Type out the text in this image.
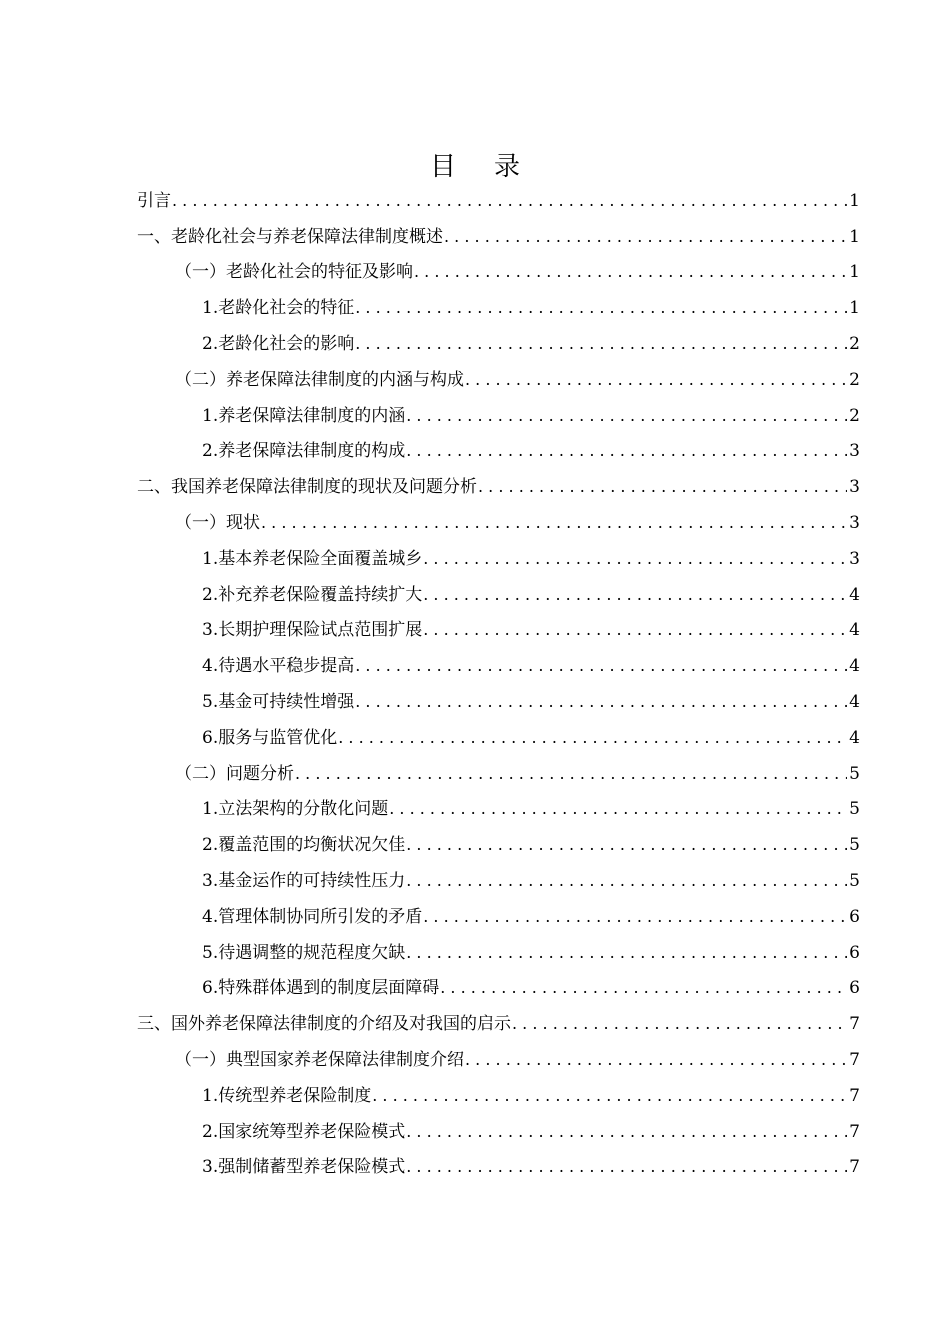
目 录
引言 . . .	1
一、老龄化社会与养老保障法律制度概述 . . .	1
（一）老龄化社会的特征及影响 . . .	1
1.老龄化社会的特征 . . .	1
2.老龄化社会的影响 . . .	2
（二）养老保障法律制度的内涵与构成 . . .	2
1.养老保障法律制度的内涵 . . .	2
2.养老保障法律制度的构成 . . .	3
二、我国养老保障法律制度的现状及问题分析 . . .	3
（一）现状 . . .	3
1.基本养老保险全面覆盖城乡 . . .	3
2.补充养老保险覆盖持续扩大 . . .	4
3.长期护理保险试点范围扩展 . . .	4
4.待遇水平稳步提高 . . .	4
5.基金可持续性增强 . . .	4
6.服务与监管优化 . . .	4
（二）问题分析 . . .	5
1.立法架构的分散化问题 . . .	5
2.覆盖范围的均衡状况欠佳 . . .	5
3.基金运作的可持续性压力 . . .	5
4.管理体制协同所引发的矛盾 . . .	6
5.待遇调整的规范程度欠缺 . . .	6
6.特殊群体遇到的制度层面障碍 . . .	6
三、国外养老保障法律制度的介绍及对我国的启示 . . .	7
（一）典型国家养老保障法律制度介绍 . . .	7
1.传统型养老保险制度 . . .	7
2.国家统筹型养老保险模式 . . .	7
3.强制储蓄型养老保险模式 . . .	7
